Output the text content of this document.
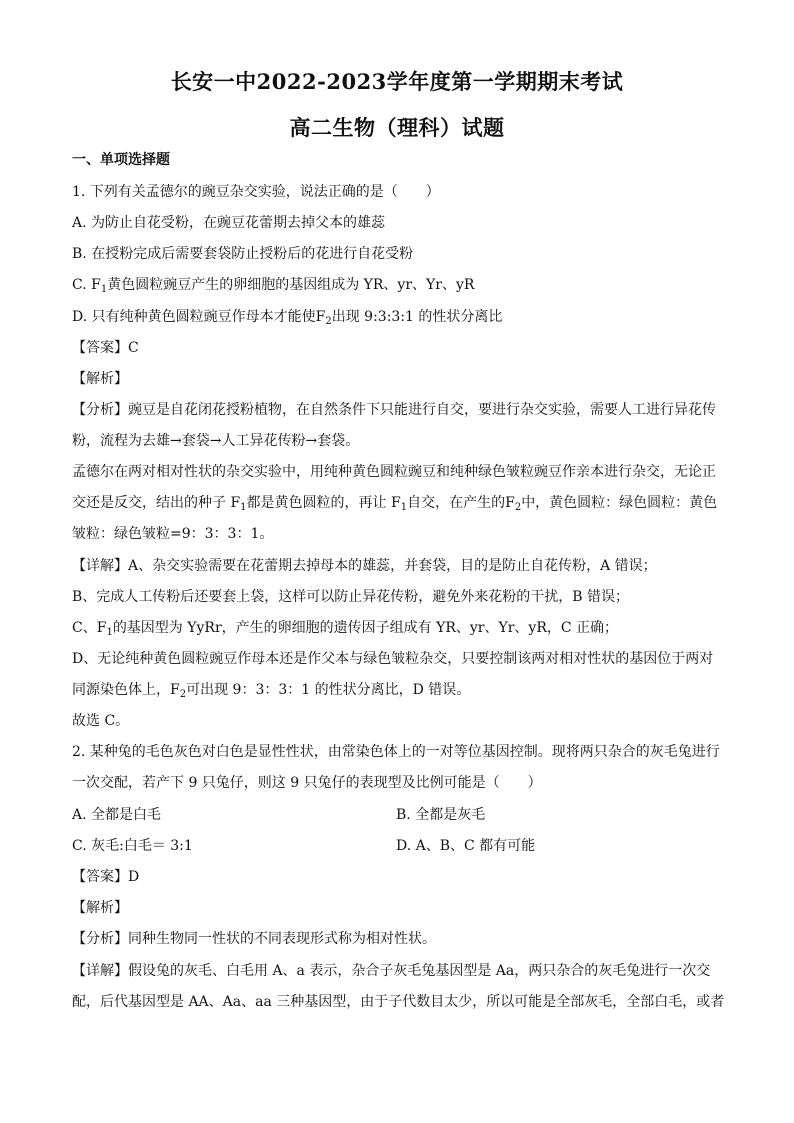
长安一中2022-2023学年度第一学期期末考试
高二生物（理科）试题
一、单项选择题
1. 下列有关孟德尔的豌豆杂交实验，说法正确的是（　　）
A. 为防止自花受粉，在豌豆花蕾期去掉父本的雄蕊
B. 在授粉完成后需要套袋防止授粉后的花进行自花受粉
C. $F_1$黄色圆粒豌豆产生的卵细胞的基因组成为 YR、yr、Yr、yR
D. 只有纯种黄色圆粒豌豆作母本才能使$F_2$出现 9:3:3:1 的性状分离比
【答案】C
【解析】
【分析】豌豆是自花闭花授粉植物，在自然条件下只能进行自交，要进行杂交实验，需要人工进行异花传
粉，流程为去雄→套袋→人工异花传粉→套袋。
孟德尔在两对相对性状的杂交实验中，用纯种黄色圆粒豌豆和纯种绿色皱粒豌豆作亲本进行杂交，无论正
交还是反交，结出的种子 $F_1$都是黄色圆粒的，再让 $F_1$自交，在产生的$F_2$中，黄色圆粒：绿色圆粒：黄色
皱粒：绿色皱粒=9：3：3：1。
【详解】A、杂交实验需要在花蕾期去掉母本的雄蕊，并套袋，目的是防止自花传粉，A 错误；
B、完成人工传粉后还要套上袋，这样可以防止异花传粉，避免外来花粉的干扰，B 错误；
C、$F_1$的基因型为 YyRr，产生的卵细胞的遗传因子组成有 YR、yr、Yr、yR，C 正确；
D、无论纯种黄色圆粒豌豆作母本还是作父本与绿色皱粒杂交，只要控制该两对相对性状的基因位于两对
同源染色体上，$F_2$可出现 9：3：3：1 的性状分离比，D 错误。
故选 C。
2. 某种兔的毛色灰色对白色是显性性状，由常染色体上的一对等位基因控制。现将两只杂合的灰毛兔进行
一次交配，若产下 9 只兔仔，则这 9 只兔仔的表现型及比例可能是（　　）
A. 全都是白毛	B. 全都是灰毛
C. 灰毛:白毛＝ 3:1	D. A、B、C 都有可能
【答案】D
【解析】
【分析】同种生物同一性状的不同表现形式称为相对性状。
【详解】假设兔的灰毛、白毛用 A、a 表示，杂合子灰毛兔基因型是 Aa，两只杂合的灰毛兔进行一次交
配，后代基因型是 AA、Aa、aa 三种基因型，由于子代数目太少，所以可能是全部灰毛，全部白毛，或者
